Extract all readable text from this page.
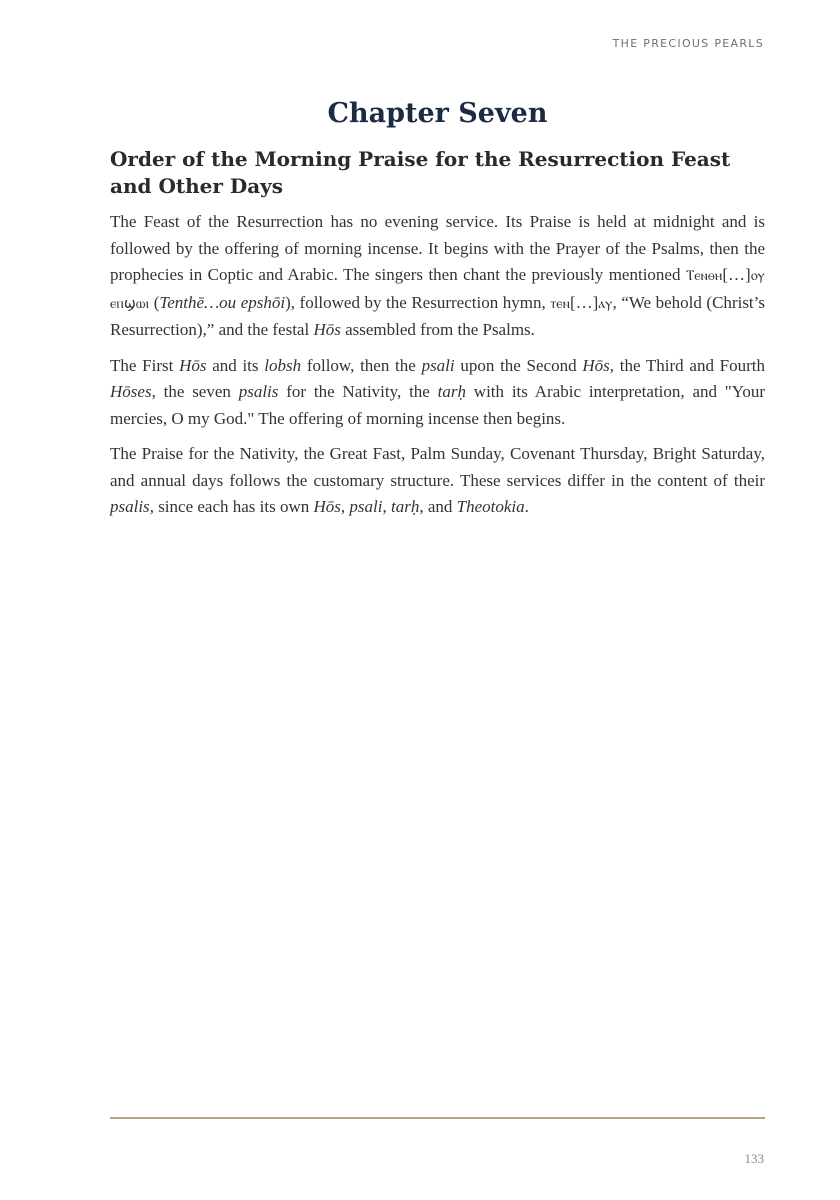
THE PRECIOUS PEARLS
Chapter Seven
Order of the Morning Praise for the Resurrection Feast
and Other Days

The Feast of the Resurrection has no evening service. Its Praise is held at midnight and is followed by the offering of morning incense. It begins with the Prayer of the Psalms, then the prophecies in Coptic and Arabic. The singers then chant the previously mentioned Ⲧⲉⲛⲑⲏ[…]ⲟⲩ ⲉⲡϣⲱⲓ (Tenthē…ou epshōi), followed by the Resurrection hymn, ⲧⲉⲛ[…]ⲁⲩ, “We behold (Christ’s Resurrection),” and the festal Hōs assembled from the Psalms.

The First Hōs and its lobsh follow, then the psali upon the Second Hōs, the Third and Fourth Hōses, the seven psalis for the Nativity, the tarḥ with its Arabic interpretation, and "Your mercies, O my God." The offering of morning incense then begins.

The Praise for the Nativity, the Great Fast, Palm Sunday, Covenant Thursday, Bright Saturday, and annual days follows the customary structure. These services differ in the content of their psalis, since each has its own Hōs, psali, tarḥ, and Theotokia.

133
